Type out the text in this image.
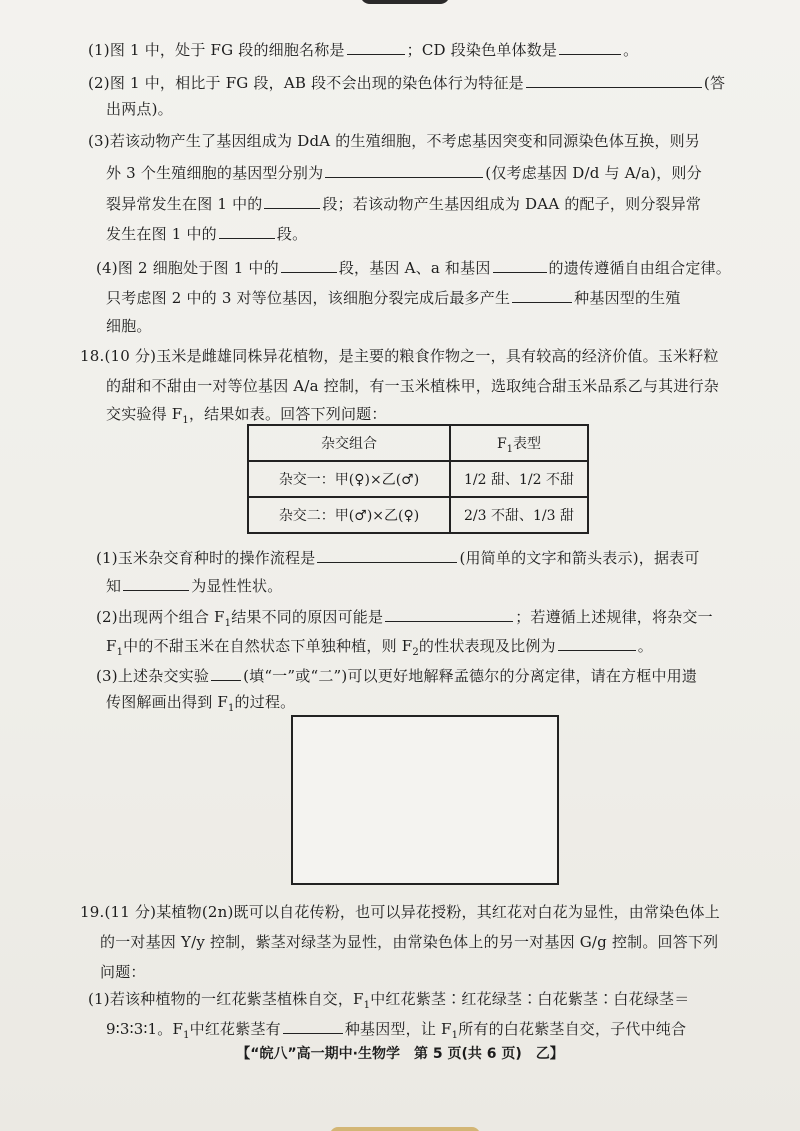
(1)图 1 中，处于 FG 段的细胞名称是	；CD 段染色单体数是	。
(2)图 1 中，相比于 FG 段，AB 段不会出现的染色体行为特征是	(答
出两点)。
(3)若该动物产生了基因组成为 DdA 的生殖细胞，不考虑基因突变和同源染色体互换，则另
外 3 个生殖细胞的基因型分别为	(仅考虑基因 D/d 与 A/a)，则分
裂异常发生在图 1 中的	段；若该动物产生基因组成为 DAA 的配子，则分裂异常
发生在图 1 中的	段。
(4)图 2 细胞处于图 1 中的	段，基因 A、a 和基因	的遗传遵循自由组合定律。
只考虑图 2 中的 3 对等位基因，该细胞分裂完成后最多产生	种基因型的生殖
细胞。
18.(10 分)玉米是雌雄同株异花植物，是主要的粮食作物之一，具有较高的经济价值。玉米籽粒
的甜和不甜由一对等位基因 A/a 控制，有一玉米植株甲，选取纯合甜玉米品系乙与其进行杂
交实验得 $F_1$，结果如表。回答下列问题：
杂交组合	$F_1$表型
杂交一：甲(♀)×乙(♂)	1/2 甜、1/2 不甜
杂交二：甲(♂)×乙(♀)	2/3 不甜、1/3 甜
(1)玉米杂交育种时的操作流程是	(用简单的文字和箭头表示)，据表可
知	为显性性状。
(2)出现两个组合 $F_1$结果不同的原因可能是	；若遵循上述规律，将杂交一
$F_1$中的不甜玉米在自然状态下单独种植，则 $F_2$的性状表现及比例为	。
(3)上述杂交实验 (填“一”或“二”)可以更好地解释孟德尔的分离定律，请在方框中用遗
传图解画出得到 $F_1$的过程。
19.(11 分)某植物(2n)既可以自花传粉，也可以异花授粉，其红花对白花为显性，由常染色体上
的一对基因 Y/y 控制，紫茎对绿茎为显性，由常染色体上的另一对基因 G/g 控制。回答下列
问题：
(1)若该种植物的一红花紫茎植株自交，$F_1$中红花紫茎∶红花绿茎∶白花紫茎∶白花绿茎＝
9∶3∶3∶1。$F_1$中红花紫茎有	种基因型，让 $F_1$所有的白花紫茎自交，子代中纯合
【“皖八”高一期中·生物学　第 5 页(共 6 页)　乙】
